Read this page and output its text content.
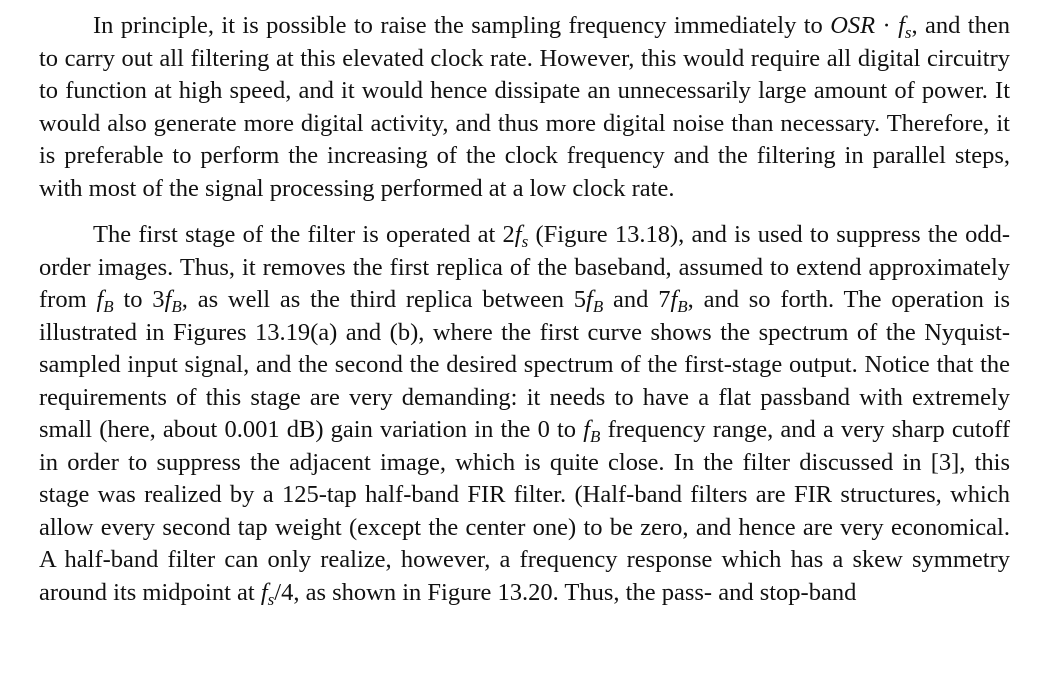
In principle, it is possible to raise the sampling frequency immediately to OSR · $f_s$, and then to carry out all filtering at this elevated clock rate. However, this would require all digital circuitry to function at high speed, and it would hence dissipate an unnecessarily large amount of power. It would also generate more digital activity, and thus more digital noise than necessary. Therefore, it is preferable to perform the increasing of the clock frequency and the filtering in parallel steps, with most of the signal processing performed at a low clock rate.

The first stage of the filter is operated at $2f_s$ (Figure 13.18), and is used to suppress the odd-order images. Thus, it removes the first replica of the baseband, assumed to extend approximately from $f_B$ to $3f_B$, as well as the third replica between $5f_B$ and $7f_B$, and so forth. The operation is illustrated in Figures 13.19(a) and (b), where the first curve shows the spectrum of the Nyquist-sampled input signal, and the second the desired spectrum of the first-stage output. Notice that the requirements of this stage are very demanding: it needs to have a flat passband with extremely small (here, about 0.001 dB) gain variation in the 0 to $f_B$ frequency range, and a very sharp cutoff in order to suppress the adjacent image, which is quite close. In the filter discussed in [3], this stage was realized by a 125-tap half-band FIR filter. (Half-band filters are FIR structures, which allow every second tap weight (except the center one) to be zero, and hence are very economical. A half-band filter can only realize, however, a frequency response which has a skew symmetry around its midpoint at $f_s/4$, as shown in Figure 13.20. Thus, the pass- and stop-band
